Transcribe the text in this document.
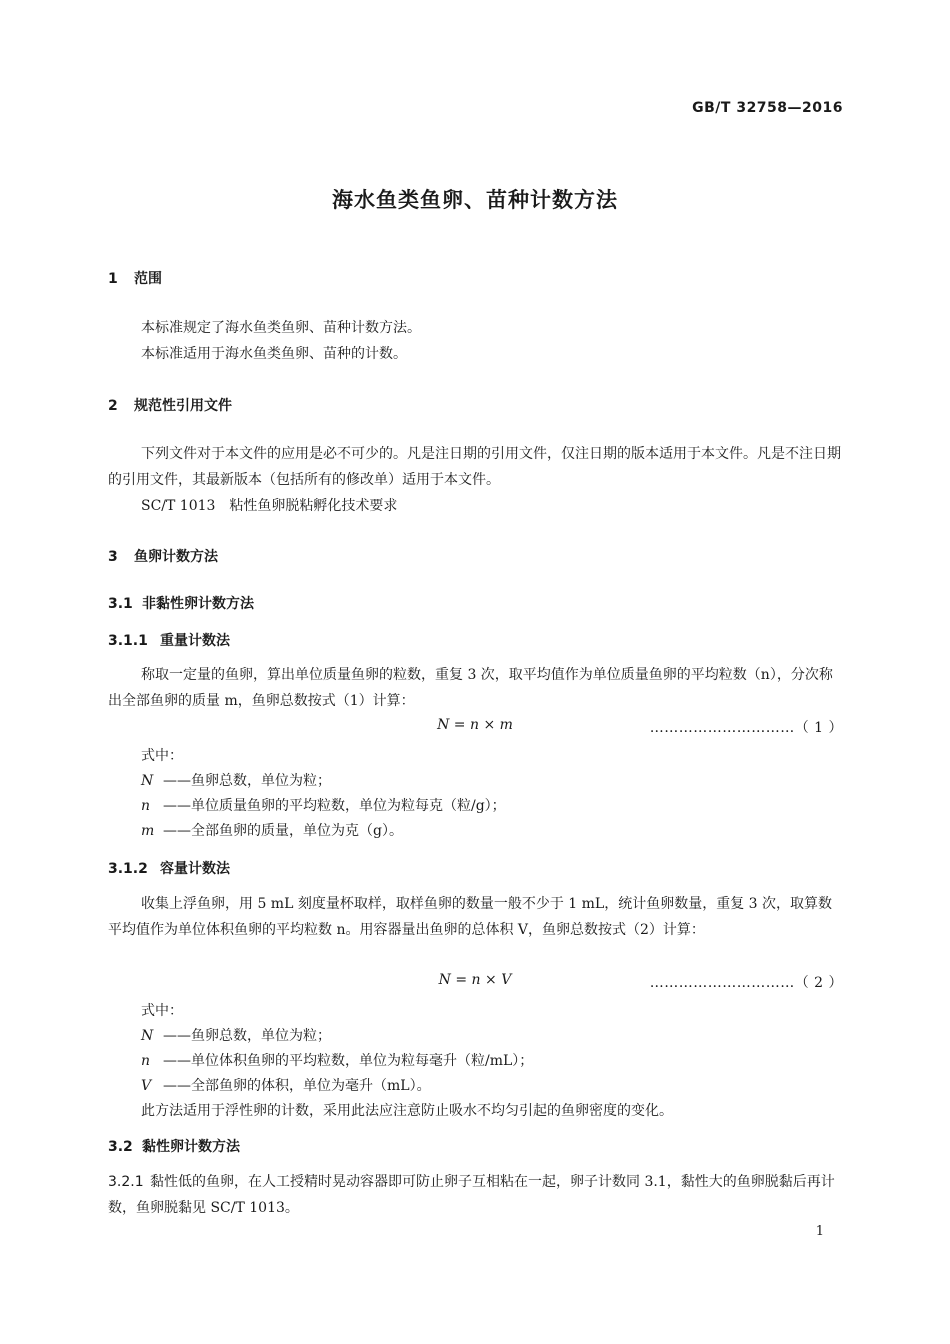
GB/T 32758—2016
海水鱼类鱼卵、苗种计数方法
1 范围
本标准规定了海水鱼类鱼卵、苗种计数方法。
本标准适用于海水鱼类鱼卵、苗种的计数。
2 规范性引用文件
下列文件对于本文件的应用是必不可少的。凡是注日期的引用文件，仅注日期的版本适用于本文件。凡是不注日期的引用文件，其最新版本（包括所有的修改单）适用于本文件。
SC/T 1013　粘性鱼卵脱粘孵化技术要求
3 鱼卵计数方法
3.1 非黏性卵计数方法
3.1.1 重量计数法
称取一定量的鱼卵，算出单位质量鱼卵的粒数，重复 3 次，取平均值作为单位质量鱼卵的平均粒数（n），分次称出全部鱼卵的质量 m，鱼卵总数按式（1）计算：
N = n × m	…………………………（ 1 ）
式中：
N ——鱼卵总数，单位为粒；
n ——单位质量鱼卵的平均粒数，单位为粒每克（粒/g）；
m ——全部鱼卵的质量，单位为克（g）。
3.1.2 容量计数法
收集上浮鱼卵，用 5 mL 刻度量杯取样，取样鱼卵的数量一般不少于 1 mL，统计鱼卵数量，重复 3 次，取算数平均值作为单位体积鱼卵的平均粒数 n。用容器量出鱼卵的总体积 V，鱼卵总数按式（2）计算：
N = n × V	…………………………（ 2 ）
式中：
N ——鱼卵总数，单位为粒；
n ——单位体积鱼卵的平均粒数，单位为粒每毫升（粒/mL）；
V ——全部鱼卵的体积，单位为毫升（mL）。
此方法适用于浮性卵的计数，采用此法应注意防止吸水不均匀引起的鱼卵密度的变化。
3.2 黏性卵计数方法
3.2.1 黏性低的鱼卵，在人工授精时晃动容器即可防止卵子互相粘在一起，卵子计数同 3.1，黏性大的鱼卵脱黏后再计数，鱼卵脱黏见 SC/T 1013。
1
